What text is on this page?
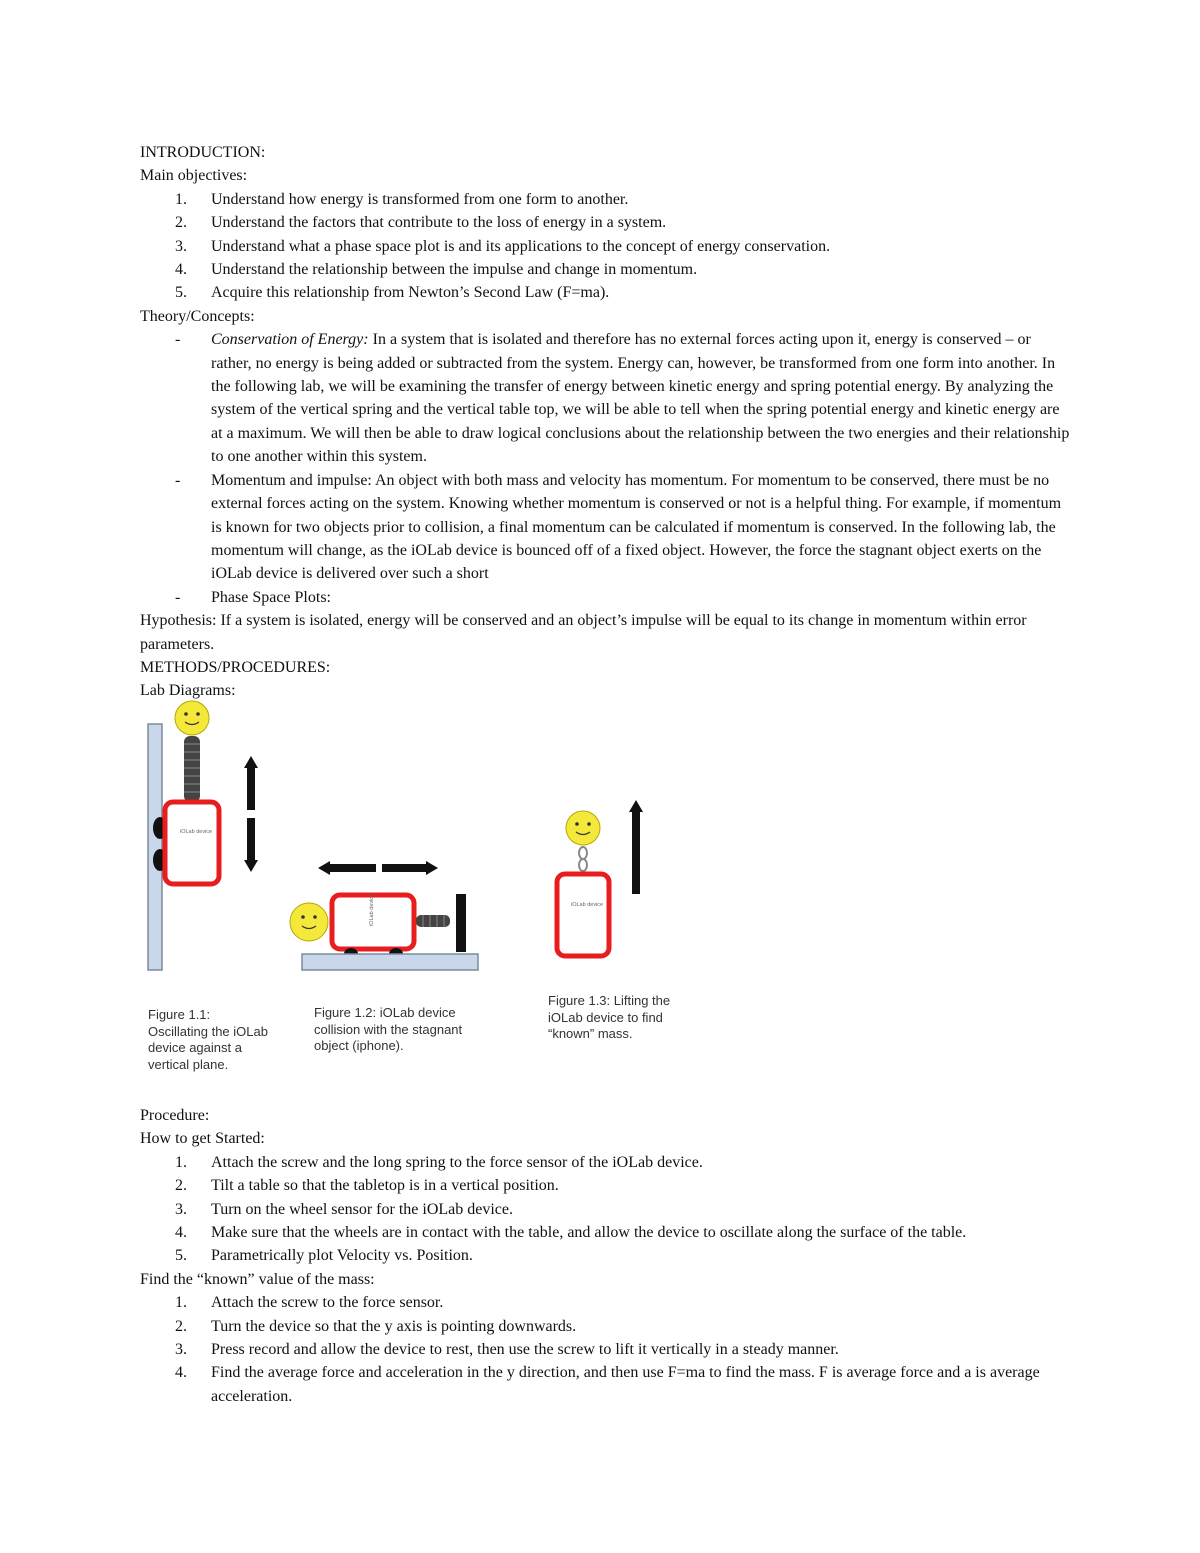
INTRODUCTION:
Main objectives:
1. Understand how energy is transformed from one form to another.
2. Understand the factors that contribute to the loss of energy in a system.
3. Understand what a phase space plot is and its applications to the concept of energy conservation.
4. Understand the relationship between the impulse and change in momentum.
5. Acquire this relationship from Newton’s Second Law (F=ma).
Theory/Concepts:
- Conservation of Energy: In a system that is isolated and therefore has no external forces acting upon it, energy is conserved – or rather, no energy is being added or subtracted from the system. Energy can, however, be transformed from one form into another. In the following lab, we will be examining the transfer of energy between kinetic energy and spring potential energy. By analyzing the system of the vertical spring and the vertical table top, we will be able to tell when the spring potential energy and kinetic energy are at a maximum. We will then be able to draw logical conclusions about the relationship between the two energies and their relationship to one another within this system.
- Momentum and impulse: An object with both mass and velocity has momentum. For momentum to be conserved, there must be no external forces acting on the system. Knowing whether momentum is conserved or not is a helpful thing. For example, if momentum is known for two objects prior to collision, a final momentum can be calculated if momentum is conserved. In the following lab, the momentum will change, as the iOLab device is bounced off of a fixed object. However, the force the stagnant object exerts on the iOLab device is delivered over such a short
- Phase Space Plots:
Hypothesis: If a system is isolated, energy will be conserved and an object’s impulse will be equal to its change in momentum within error parameters.
METHODS/PROCEDURES:
Lab Diagrams:
iOLab device
iOLab device	iOLab device
Figure 1.1: Oscillating the iOLab device against a vertical plane.
Figure 1.2: iOLab device collision with the stagnant object (iphone).
Figure 1.3: Lifting the iOLab device to find “known” mass.
Procedure:
How to get Started:
1. Attach the screw and the long spring to the force sensor of the iOLab device.
2. Tilt a table so that the tabletop is in a vertical position.
3. Turn on the wheel sensor for the iOLab device.
4. Make sure that the wheels are in contact with the table, and allow the device to oscillate along the surface of the table.
5. Parametrically plot Velocity vs. Position.
Find the “known” value of the mass:
1. Attach the screw to the force sensor.
2. Turn the device so that the y axis is pointing downwards.
3. Press record and allow the device to rest, then use the screw to lift it vertically in a steady manner.
4. Find the average force and acceleration in the y direction, and then use F=ma to find the mass. F is average force and a is average acceleration.
